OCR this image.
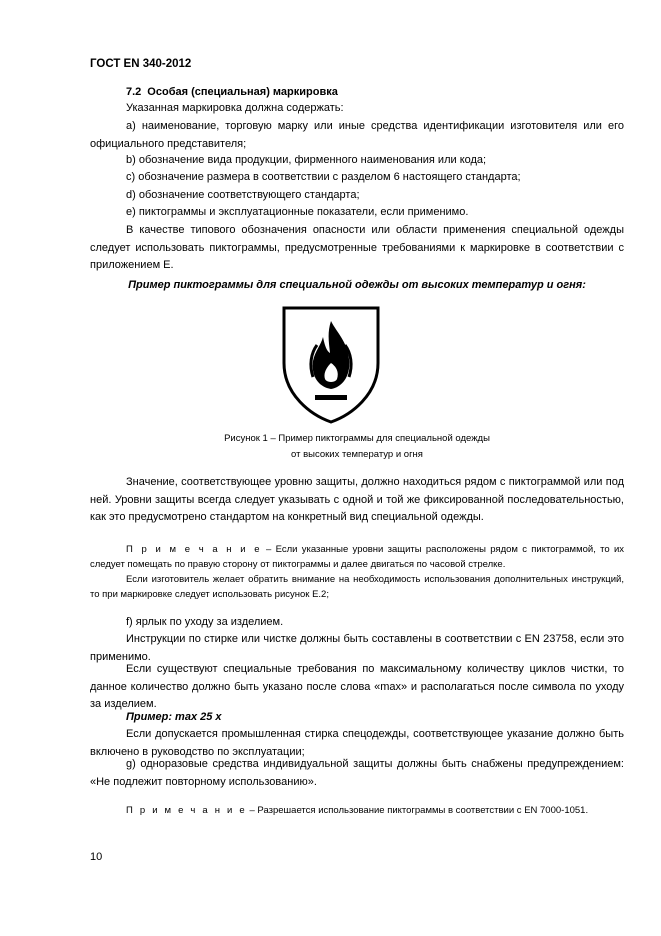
ГОСТ EN 340-2012
7.2 Особая (специальная) маркировка

Указанная маркировка должна содержать:

а) наименование, торговую марку или иные средства идентификации изготовителя или его официального представителя;

b) обозначение вида продукции, фирменного наименования или кода;

с) обозначение размера в соответствии с разделом 6 настоящего стандарта;

d) обозначение соответствующего стандарта;

е) пиктограммы и эксплуатационные показатели, если применимо.

В качестве типового обозначения опасности или области применения специальной одежды следует использовать пиктограммы, предусмотренные требованиями к маркировке в соответствии с приложением Е.

Пример пиктограммы для специальной одежды от высоких температур и огня:
Рисунок 1 – Пример пиктограммы для специальной одежды
от высоких температур и огня

Значение, соответствующее уровню защиты, должно находиться рядом с пиктограммой или под ней. Уровни защиты всегда следует указывать с одной и той же фиксированной последовательностью, как это предусмотрено стандартом на конкретный вид специальной одежды.

П р и м е ч а н и е – Если указанные уровни защиты расположены рядом с пиктограммой, то их следует помещать по правую сторону от пиктограммы и далее двигаться по часовой стрелке.

Если изготовитель желает обратить внимание на необходимость использования дополнительных инструкций, то при маркировке следует использовать рисунок Е.2;

f) ярлык по уходу за изделием.

Инструкции по стирке или чистке должны быть составлены в соответствии с EN 23758, если это применимо.

Если существуют специальные требования по максимальному количеству циклов чистки, то данное количество должно быть указано после слова «max» и располагаться после символа по уходу за изделием.

Пример: max 25 x

Если допускается промышленная стирка спецодежды, соответствующее указание должно быть включено в руководство по эксплуатации;

g) одноразовые средства индивидуальной защиты должны быть снабжены предупреждением: «Не подлежит повторному использованию».

П р и м е ч а н и е – Разрешается использование пиктограммы в соответствии с EN 7000-1051.

10
